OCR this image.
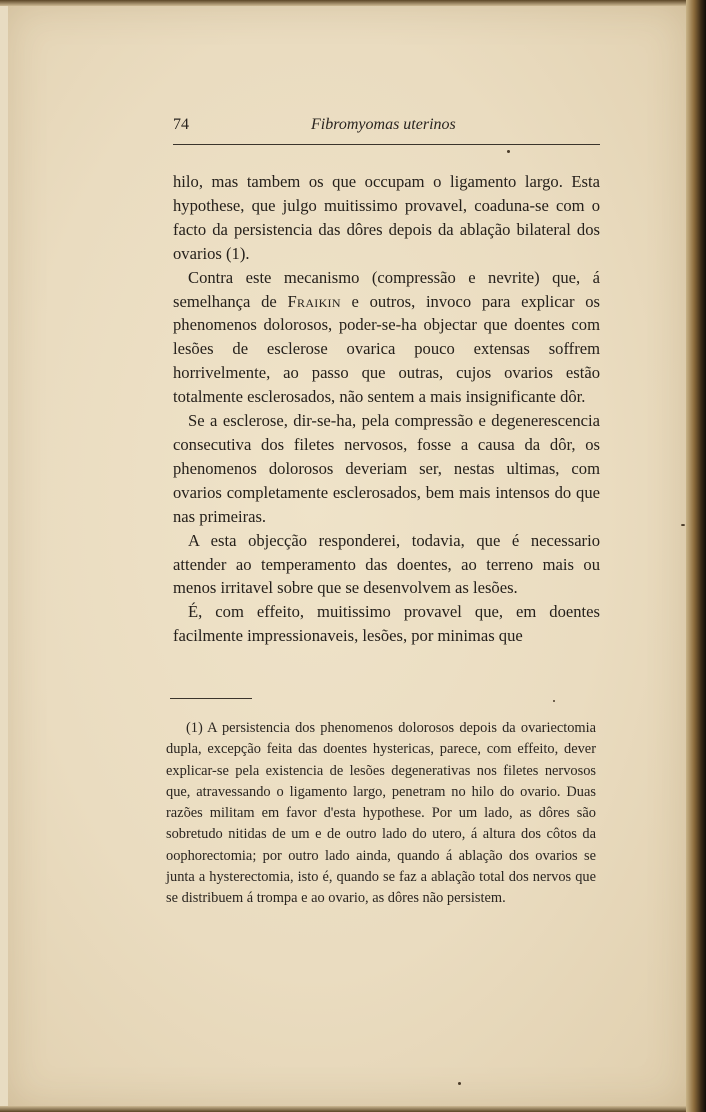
74	Fibromyomas uterinos

hilo, mas tambem os que occupam o ligamento largo. Esta hypothese, que julgo muitissimo provavel, coaduna-se com o facto da persistencia das dôres depois da ablação bilateral dos ovarios (1).

Contra este mecanismo (compressão e nevrite) que, á semelhança de Fraikin e outros, invoco para explicar os phenomenos dolorosos, poder-se-ha objectar que doentes com lesões de esclerose ovarica pouco extensas soffrem horrivelmente, ao passo que outras, cujos ovarios estão totalmente esclerosados, não sentem a mais insignificante dôr.

Se a esclerose, dir-se-ha, pela compressão e degenerescencia consecutiva dos filetes nervosos, fosse a causa da dôr, os phenomenos dolorosos deveriam ser, nestas ultimas, com ovarios completamente esclerosados, bem mais intensos do que nas primeiras.

A esta objecção responderei, todavia, que é necessario attender ao temperamento das doentes, ao terreno mais ou menos irritavel sobre que se desenvolvem as lesões.

É, com effeito, muitissimo provavel que, em doentes facilmente impressionaveis, lesões, por minimas que

(1) A persistencia dos phenomenos dolorosos depois da ovariectomia dupla, excepção feita das doentes hystericas, parece, com effeito, dever explicar-se pela existencia de lesões degenerativas nos filetes nervosos que, atravessando o ligamento largo, penetram no hilo do ovario. Duas razões militam em favor d'esta hypothese. Por um lado, as dôres são sobretudo nitidas de um e de outro lado do utero, á altura dos côtos da oophorectomia; por outro lado ainda, quando á ablação dos ovarios se junta a hysterectomia, isto é, quando se faz a ablação total dos nervos que se distribuem á trompa e ao ovario, as dôres não persistem.
